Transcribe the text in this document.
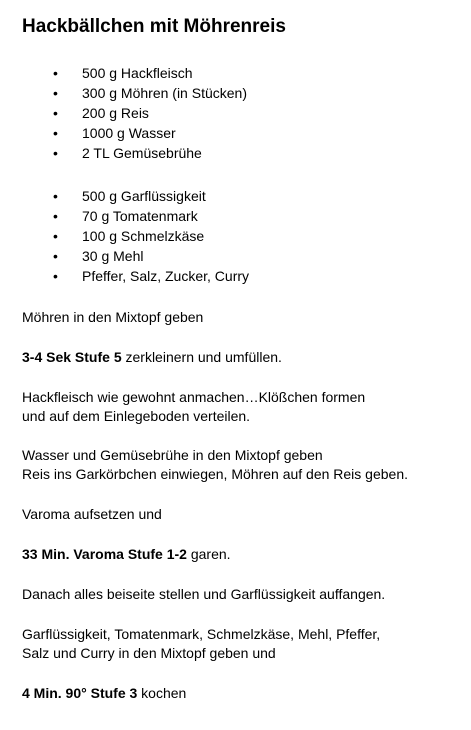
Hackbällchen mit Möhrenreis
• 500 g Hackfleisch
• 300 g Möhren (in Stücken)
• 200 g Reis
• 1000 g Wasser
• 2 TL Gemüsebrühe
• 500 g Garflüssigkeit
• 70 g Tomatenmark
• 100 g Schmelzkäse
• 30 g Mehl
• Pfeffer, Salz, Zucker, Curry

Möhren in den Mixtopf geben

3-4 Sek Stufe 5 zerkleinern und umfüllen.

Hackfleisch wie gewohnt anmachen…Klößchen formen
und auf dem Einlegeboden verteilen.

Wasser und Gemüsebrühe in den Mixtopf geben
Reis ins Garkörbchen einwiegen, Möhren auf den Reis geben.

Varoma aufsetzen und

33 Min. Varoma Stufe 1-2 garen.

Danach alles beiseite stellen und Garflüssigkeit auffangen.

Garflüssigkeit, Tomatenmark, Schmelzkäse, Mehl, Pfeffer,
Salz und Curry in den Mixtopf geben und

4 Min. 90° Stufe 3 kochen
